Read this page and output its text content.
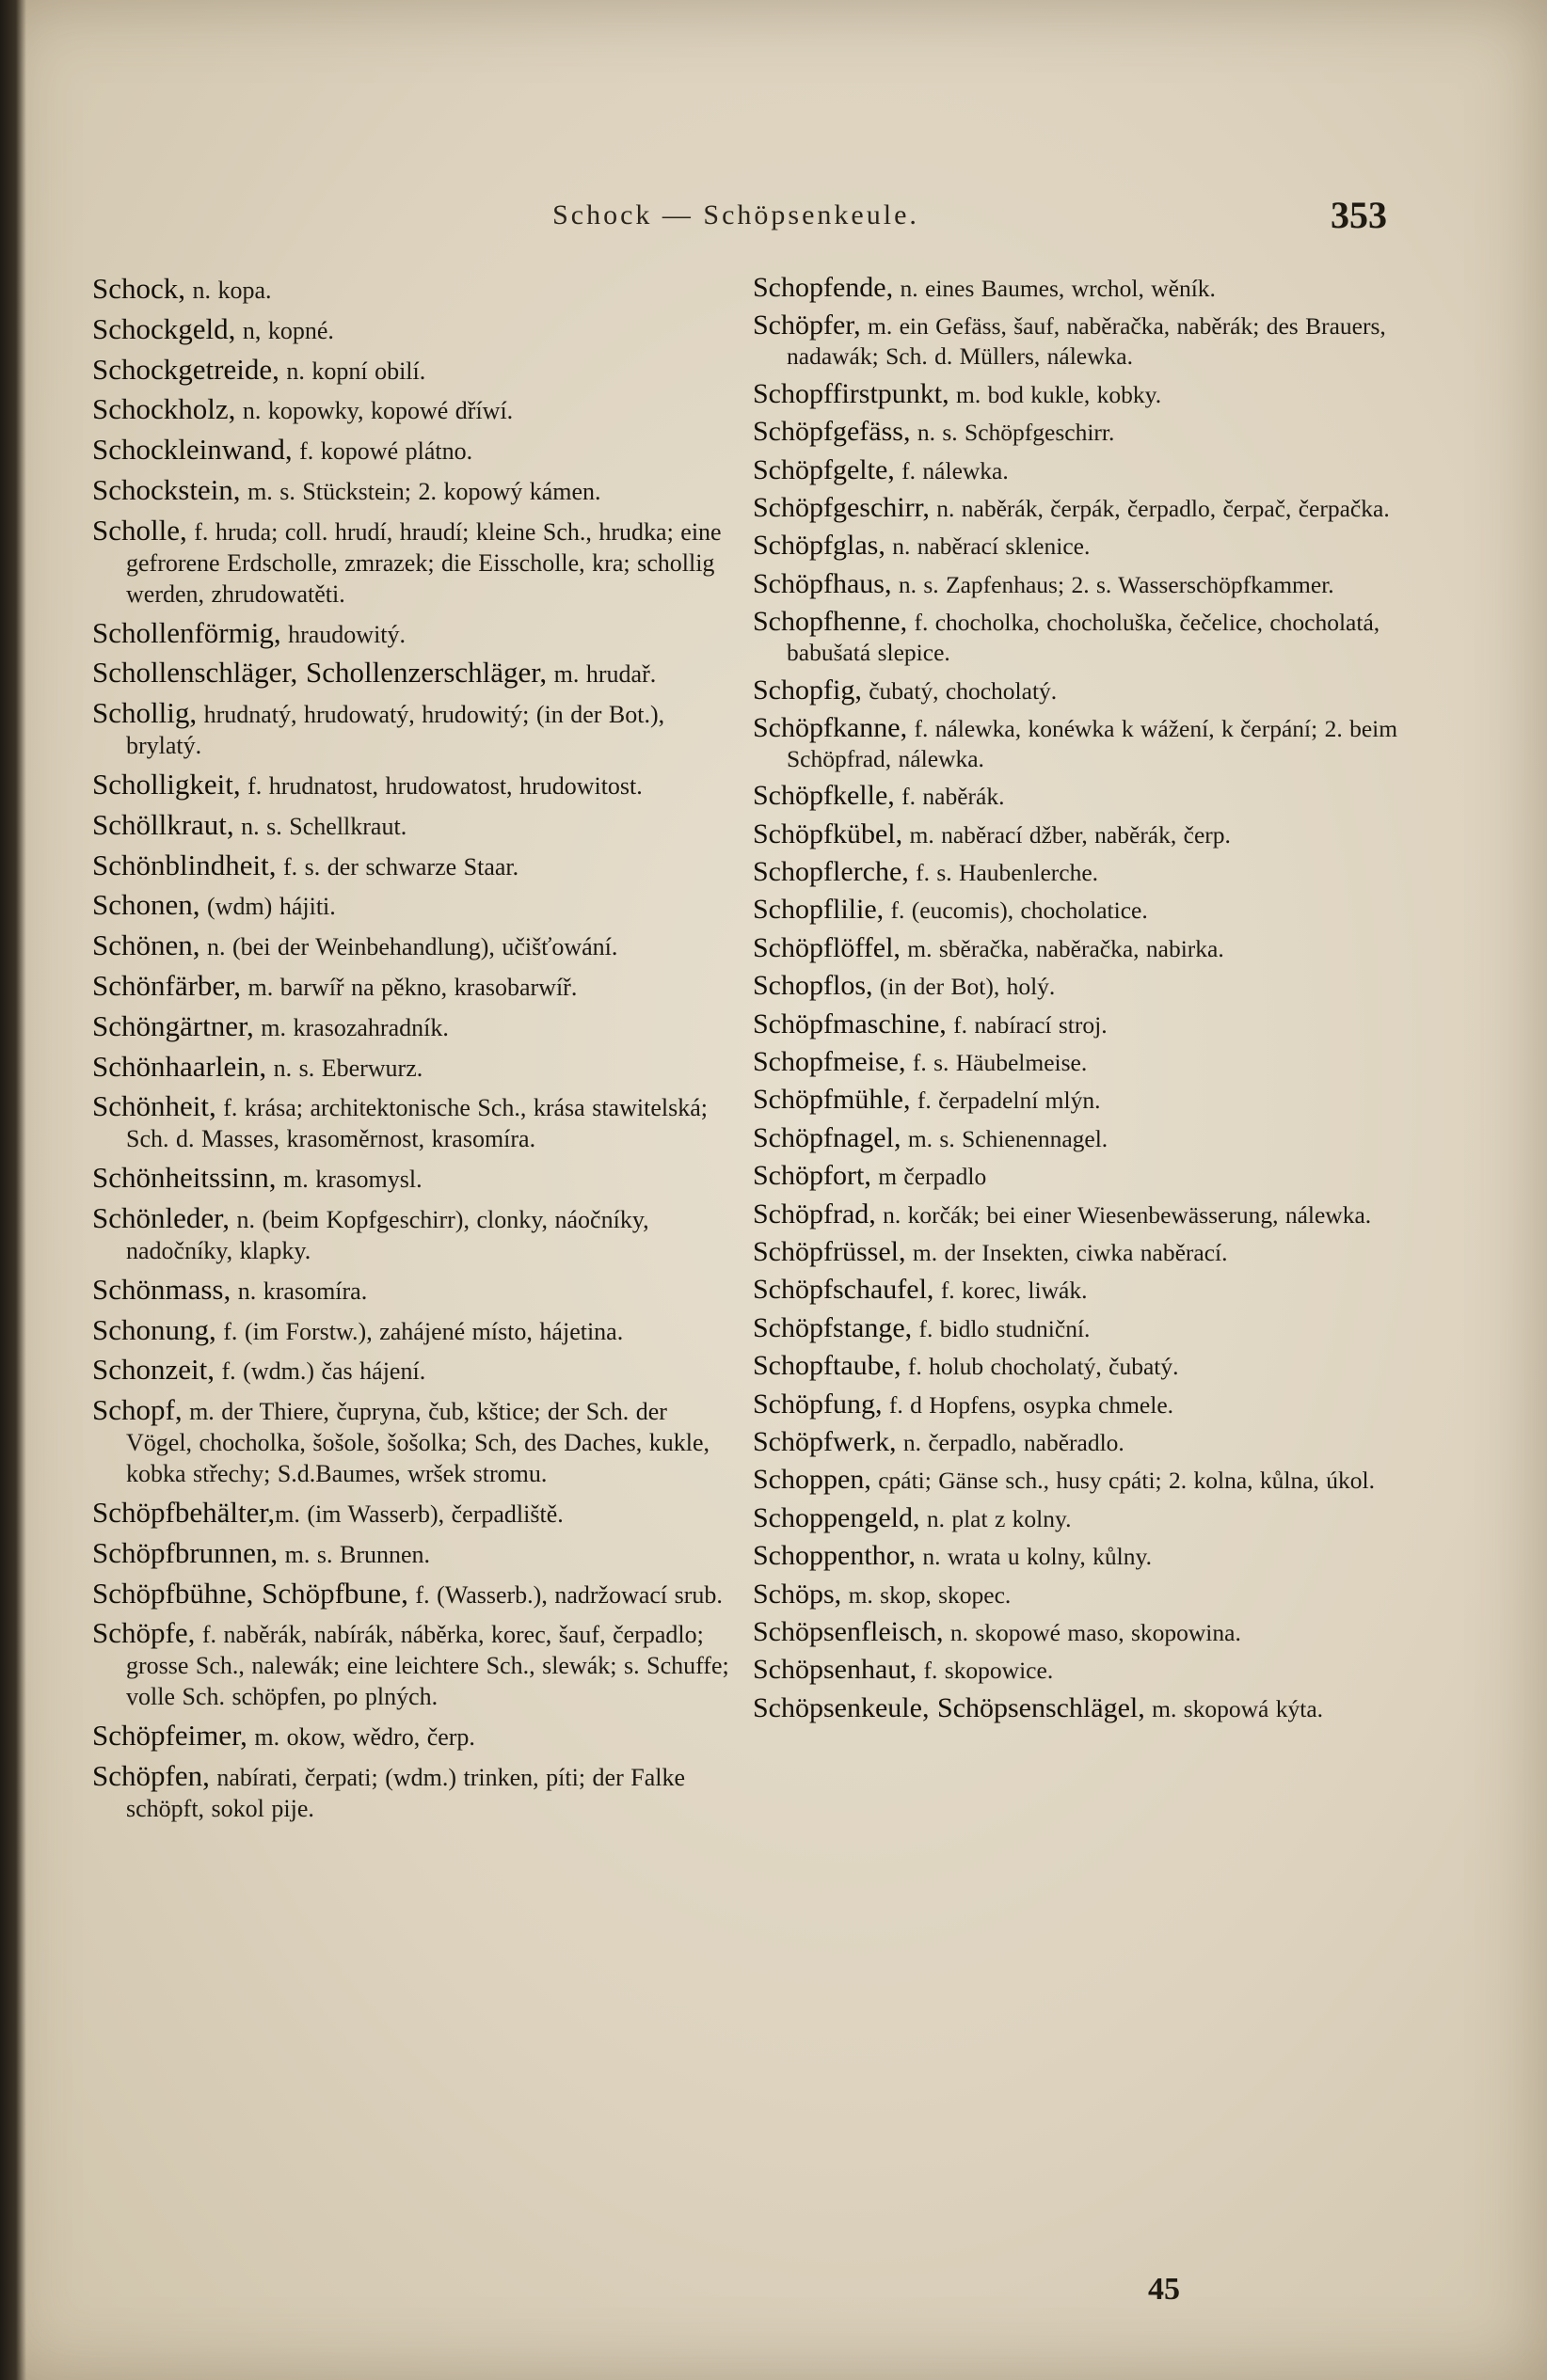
Schock — Schöpsenkeule.	353
Schock, n. kopa.
Schockgeld, n, kopné.
Schockgetreide, n. kopní obilí.
Schockholz, n. kopowky, kopowé dříwí.
Schockleinwand, f. kopowé plátno.
Schockstein, m. s. Stückstein; 2. kopowý kámen.
Scholle, f. hruda; coll. hrudí, hraudí; kleine Sch., hrudka; eine gefrorene Erdscholle, zmrazek; die Eisscholle, kra; schollig werden, zhrudowatěti.
Schollenförmig, hraudowitý.
Schollenschläger, Schollenzerschläger, m. hrudař.
Schollig, hrudnatý, hrudowatý, hrudowitý; (in der Bot.), brylatý.
Scholligkeit, f. hrudnatost, hrudowatost, hrudowitost.
Schöllkraut, n. s. Schellkraut.
Schönblindheit, f. s. der schwarze Staar.
Schonen, (wdm) hájiti.
Schönen, n. (bei der Weinbehandlung), učišťowání.
Schönfärber, m. barwíř na pěkno, krasobarwíř.
Schöngärtner, m. krasozahradník.
Schönhaarlein, n. s. Eberwurz.
Schönheit, f. krása; architektonische Sch., krása stawitelská; Sch. d. Masses, krasoměrnost, krasomíra.
Schönheitssinn, m. krasomysl.
Schönleder, n. (beim Kopfgeschirr), clonky, náočníky, nadočníky, klapky.
Schönmass, n. krasomíra.
Schonung, f. (im Forstw.), zahájené místo, hájetina.
Schonzeit, f. (wdm.) čas hájení.
Schopf, m. der Thiere, čupryna, čub, kštice; der Sch. der Vögel, chocholka, šošole, šošolka; Sch, des Daches, kukle, kobka střechy; S.d.Baumes, wršek stromu.
Schöpfbehälter,m. (im Wasserb), čerpadliště.
Schöpfbrunnen, m. s. Brunnen.
Schöpfbühne, Schöpfbune, f. (Wasserb.), nadržowací srub.
Schöpfe, f. naběrák, nabírák, náběrka, korec, šauf, čerpadlo; grosse Sch., nalewák; eine leichtere Sch., slewák; s. Schuffe; volle Sch. schöpfen, po plných.
Schöpfeimer, m. okow, wědro, čerp.
Schöpfen, nabírati, čerpati; (wdm.) trinken, píti; der Falke schöpft, sokol pije.
Schopfende, n. eines Baumes, wrchol, wěník.
Schöpfer, m. ein Gefäss, šauf, naběračka, naběrák; des Brauers, nadawák; Sch. d. Müllers, nálewka.
Schopffirstpunkt, m. bod kukle, kobky.
Schöpfgefäss, n. s. Schöpfgeschirr.
Schöpfgelte, f. nálewka.
Schöpfgeschirr, n. naběrák, čerpák, čerpadlo, čerpač, čerpačka.
Schöpfglas, n. naběrací sklenice.
Schöpfhaus, n. s. Zapfenhaus; 2. s. Wasserschöpfkammer.
Schopfhenne, f. chocholka, chocholuška, čečelice, chocholatá, babušatá slepice.
Schopfig, čubatý, chocholatý.
Schöpfkanne, f. nálewka, konéwka k wážení, k čerpání; 2. beim Schöpfrad, nálewka.
Schöpfkelle, f. naběrák.
Schöpfkübel, m. naběrací džber, naběrák, čerp.
Schopflerche, f. s. Haubenlerche.
Schopflilie, f. (eucomis), chocholatice.
Schöpflöffel, m. sběračka, naběračka, nabirka.
Schopflos, (in der Bot), holý.
Schöpfmaschine, f. nabírací stroj.
Schopfmeise, f. s. Häubelmeise.
Schöpfmühle, f. čerpadelní mlýn.
Schöpfnagel, m. s. Schienennagel.
Schöpfort, m čerpadlo
Schöpfrad, n. korčák; bei einer Wiesenbewässerung, nálewka.
Schöpfrüssel, m. der Insekten, ciwka naběrací.
Schöpfschaufel, f. korec, liwák.
Schöpfstange, f. bidlo studniční.
Schopftaube, f. holub chocholatý, čubatý.
Schöpfung, f. d Hopfens, osypka chmele.
Schöpfwerk, n. čerpadlo, naběradlo.
Schoppen, cpáti; Gänse sch., husy cpáti; 2. kolna, kůlna, úkol.
Schoppengeld, n. plat z kolny.
Schoppenthor, n. wrata u kolny, kůlny.
Schöps, m. skop, skopec.
Schöpsenfleisch, n. skopowé maso, skopowina.
Schöpsenhaut, f. skopowice.
Schöpsenkeule, Schöpsenschlägel, m. skopowá kýta.
45
